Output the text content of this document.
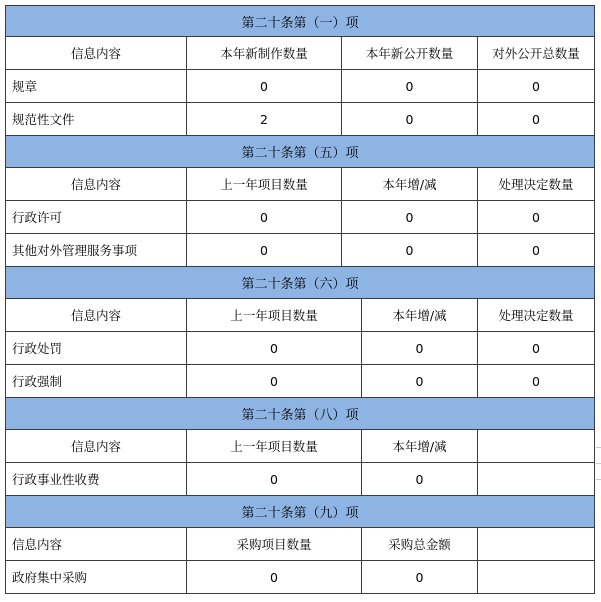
第二十条第（一）项
信息内容	本年新制作数量	本年新公开数量	对外公开总数量
规章	0	0	0
规范性文件	2	0	0
第二十条第（五）项
信息内容	上一年项目数量	本年增/减	处理决定数量
行政许可	0	0	0
其他对外管理服务事项	0	0	0
第二十条第（六）项
信息内容	上一年项目数量	本年增/减	处理决定数量
行政处罚	0	0	0
行政强制	0	0	0
第二十条第（八）项
信息内容	上一年项目数量	本年增/减
行政事业性收费	0	0
第二十条第（九）项
信息内容	采购项目数量	采购总金额
政府集中采购	0	0
